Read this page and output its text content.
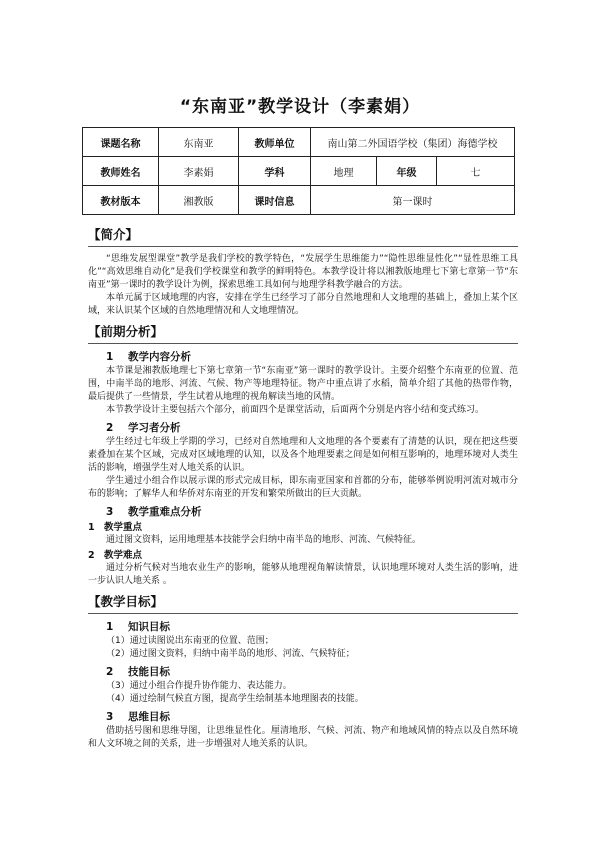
“东南亚”教学设计（李素娟）
课题名称	东南亚	教师单位	南山第二外国语学校（集团）海德学校		
教师姓名	李素娟	学科	地理	年级	七
教材版本	湘教版	课时信息	第一课时		
【简介】

“思维发展型课堂”教学是我们学校的教学特色，“发展学生思维能力”“隐性思维显性化”“显性思维工具化”“高效思维自动化”是我们学校课堂和教学的鲜明特色。本教学设计将以湘教版地理七下第七章第一节“东南亚”第一课时的教学设计为例，探索思维工具如何与地理学科教学融合的方法。

本单元属于区域地理的内容，安排在学生已经学习了部分自然地理和人文地理的基础上，叠加上某个区域，来认识某个区域的自然地理情况和人文地理情况。

【前期分析】
1 教学内容分析

本节课是湘教版地理七下第七章第一节“东南亚”第一课时的教学设计。主要介绍整个东南亚的位置、范围，中南半岛的地形、河流、气候、物产等地理特征。物产中重点讲了水稻，简单介绍了其他的热带作物，最后提供了一些情景，学生试着从地理的视角解读当地的风情。

本节教学设计主要包括六个部分，前面四个是课堂活动，后面两个分别是内容小结和变式练习。

2 学习者分析

学生经过七年级上学期的学习，已经对自然地理和人文地理的各个要素有了清楚的认识，现在把这些要素叠加在某个区域，完成对区域地理的认知，以及各个地理要素之间是如何相互影响的，地理环境对人类生活的影响，增强学生对人地关系的认识。

学生通过小组合作以展示课的形式完成目标，即东南亚国家和首都的分布，能够举例说明河流对城市分布的影响；了解华人和华侨对东南亚的开发和繁荣所做出的巨大贡献。

3 教学重难点分析
1 教学重点

通过图文资料，运用地理基本技能学会归纳中南半岛的地形、河流、气候特征。

2 教学难点

通过分析气候对当地农业生产的影响，能够从地理视角解读情景，认识地理环境对人类生活的影响，进一步认识人地关系 。

【教学目标】
1 知识目标
（1）通过读图说出东南亚的位置、范围；
（2）通过图文资料，归纳中南半岛的地形、河流、气候特征；
2 技能目标
（3）通过小组合作提升协作能力、表达能力。
（4）通过绘制气候直方图，提高学生绘制基本地理图表的技能。
3 思维目标

借助括号图和思维导图，让思维显性化。厘清地形、气候、河流、物产和地域风情的特点以及自然环境和人文环境之间的关系，进一步增强对人地关系的认识。
